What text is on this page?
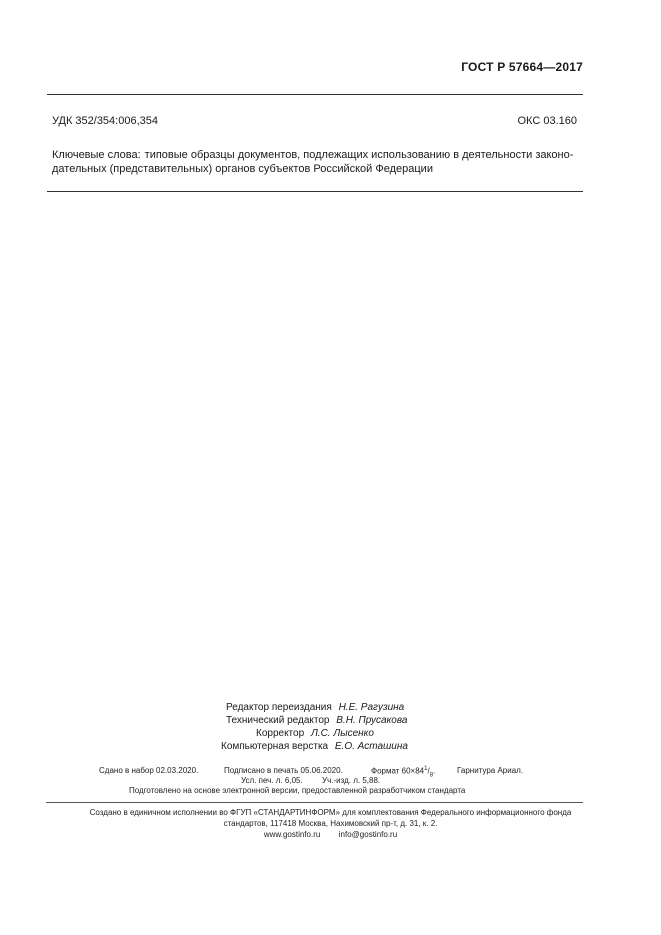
ГОСТ Р 57664—2017
УДК 352/354:006,354	ОКС 03.160
Ключевые слова: типовые образцы документов, подлежащих использованию в деятельности законо-
дательных (представительных) органов субъектов Российской Федерации
Редактор переиздания Н.Е. Рагузина
Технический редактор В.Н. Прусакова
Корректор Л.С. Лысенко
Компьютерная верстка Е.О. Асташина
Сдано в набор 02.03.2020.	Подписано в печать 05.06.2020.	Формат $60\times 84^1/_8$.	Гарнитура Ариал.
Усл. печ. л. 6,05. Уч.-изд. л. 5,88.
Подготовлено на основе электронной версии, предоставленной разработчиком стандарта
Создано в единичном исполнении во ФГУП «СТАНДАРТИНФОРМ» для комплектования Федерального информационного фонда
стандартов, 117418 Москва, Нахимовский пр-т, д. 31, к. 2.
www.gostinfo.ru info@gostinfo.ru
